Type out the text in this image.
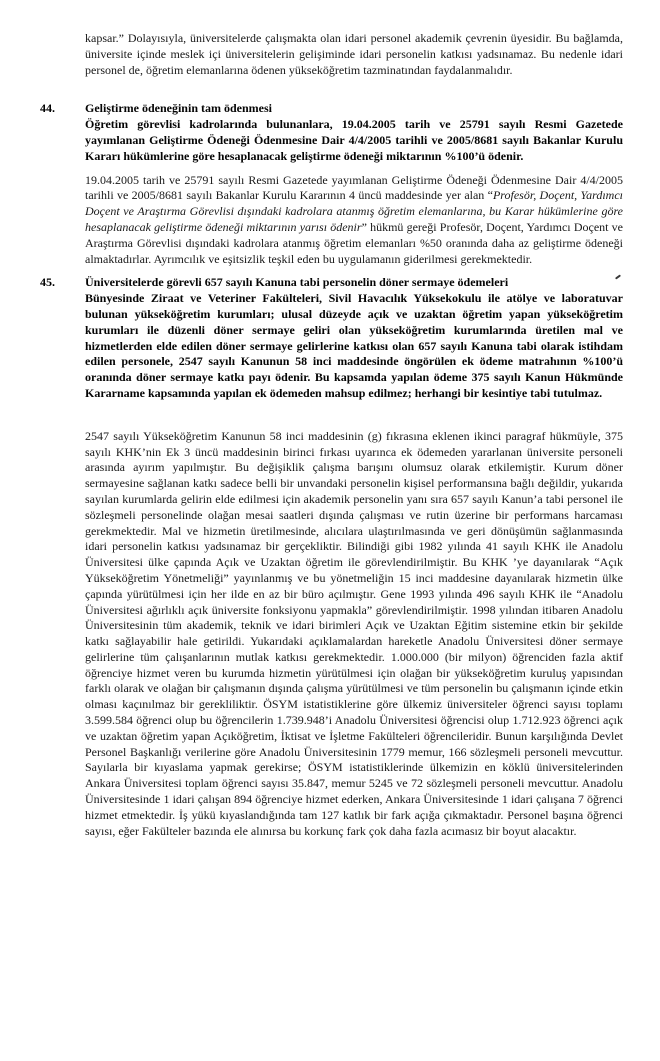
kapsar.” Dolayısıyla, üniversitelerde çalışmakta olan idari personel akademik çevrenin üyesidir. Bu bağlamda, üniversite içinde meslek içi üniversitelerin gelişiminde idari personelin katkısı yadsınamaz. Bu nedenle idari personel de, öğretim elemanlarına ödenen yükseköğretim tazminatından faydalanmalıdır.

44.	Geliştirme ödeneğinin tam ödenmesi
Öğretim görevlisi kadrolarında bulunanlara, 19.04.2005 tarih ve 25791 sayılı Resmi Gazetede yayımlanan Geliştirme Ödeneği Ödenmesine Dair 4/4/2005 tarihli ve 2005/8681 sayılı Bakanlar Kurulu Kararı hükümlerine göre hesaplanacak geliştirme ödeneği miktarının %100’ü ödenir.

19.04.2005 tarih ve 25791 sayılı Resmi Gazetede yayımlanan Geliştirme Ödeneği Ödenmesine Dair 4/4/2005 tarihli ve 2005/8681 sayılı Bakanlar Kurulu Kararının 4 üncü maddesinde yer alan “Profesör, Doçent, Yardımcı Doçent ve Araştırma Görevlisi dışındaki kadrolara atanmış öğretim elemanlarına, bu Karar hükümlerine göre hesaplanacak geliştirme ödeneği miktarının yarısı ödenir” hükmü gereği Profesör, Doçent, Yardımcı Doçent ve Araştırma Görevlisi dışındaki kadrolara atanmış öğretim elemanları %50 oranında daha az geliştirme ödeneği almaktadırlar. Ayrımcılık ve eşitsizlik teşkil eden bu uygulamanın giderilmesi gerekmektedir.

45.	Üniversitelerde görevli 657 sayılı Kanuna tabi personelin döner sermaye ödemeleri
Bünyesinde Ziraat ve Veteriner Fakülteleri, Sivil Havacılık Yüksekokulu ile atölye ve laboratuvar bulunan yükseköğretim kurumları; ulusal düzeyde açık ve uzaktan öğretim yapan yükseköğretim kurumları ile düzenli döner sermaye geliri olan yükseköğretim kurumlarında üretilen mal ve hizmetlerden elde edilen döner sermaye gelirlerine katkısı olan 657 sayılı Kanuna tabi olarak istihdam edilen personele, 2547 sayılı Kanunun 58 inci maddesinde öngörülen ek ödeme matrahının %100’ü oranında döner sermaye katkı payı ödenir. Bu kapsamda yapılan ödeme 375 sayılı Kanun Hükmünde Kararname kapsamında yapılan ek ödemeden mahsup edilmez; herhangi bir kesintiye tabi tutulmaz.

2547 sayılı Yükseköğretim Kanunun 58 inci maddesinin (g) fıkrasına eklenen ikinci paragraf hükmüyle, 375 sayılı KHK’nin Ek 3 üncü maddesinin birinci fırkası uyarınca ek ödemeden yararlanan üniversite personeli arasında ayırım yapılmıştır. Bu değişiklik çalışma barışını olumsuz olarak etkilemiştir. Kurum döner sermayesine sağlanan katkı sadece belli bir unvandaki personelin kişisel performansına bağlı değildir, yukarıda sayılan kurumlarda gelirin elde edilmesi için akademik personelin yanı sıra 657 sayılı Kanun’a tabi personel ile sözleşmeli personelinde olağan mesai saatleri dışında çalışması ve rutin üzerine bir performans harcaması gerekmektedir. Mal ve hizmetin üretilmesinde, alıcılara ulaştırılmasında ve geri dönüşümün sağlanmasında idari personelin katkısı yadsınamaz bir gerçekliktir. Bilindiği gibi 1982 yılında 41 sayılı KHK ile Anadolu Üniversitesi ülke çapında Açık ve Uzaktan öğretim ile görevlendirilmiştir. Bu KHK ’ye dayanılarak “Açık Yükseköğretim Yönetmeliği” yayınlanmış ve bu yönetmeliğin 15 inci maddesine dayanılarak hizmetin ülke çapında yürütülmesi için her ilde en az bir büro açılmıştır. Gene 1993 yılında 496 sayılı KHK ile “Anadolu Üniversitesi ağırlıklı açık üniversite fonksiyonu yapmakla” görevlendirilmiştir. 1998 yılından itibaren Anadolu Üniversitesinin tüm akademik, teknik ve idari birimleri Açık ve Uzaktan Eğitim sistemine etkin bir şekilde katkı sağlayabilir hale getirildi. Yukarıdaki açıklamalardan hareketle Anadolu Üniversitesi döner sermaye gelirlerine tüm çalışanlarının mutlak katkısı gerekmektedir. 1.000.000 (bir milyon) öğrenciden fazla aktif öğrenciye hizmet veren bu kurumda hizmetin yürütülmesi için olağan bir yükseköğretim kuruluş yapısından farklı olarak ve olağan bir çalışmanın dışında çalışma yürütülmesi ve tüm personelin bu çalışmanın içinde etkin olması kaçınılmaz bir gerekliliktir. ÖSYM istatistiklerine göre ülkemiz üniversiteler öğrenci sayısı toplamı 3.599.584 öğrenci olup bu öğrencilerin 1.739.948’i Anadolu Üniversitesi öğrencisi olup 1.712.923 öğrenci açık ve uzaktan öğretim yapan Açıköğretim, İktisat ve İşletme Fakülteleri öğrencileridir. Bunun karşılığında Devlet Personel Başkanlığı verilerine göre Anadolu Üniversitesinin 1779 memur, 166 sözleşmeli personeli mevcuttur. Sayılarla bir kıyaslama yapmak gerekirse; ÖSYM istatistiklerinde ülkemizin en köklü üniversitelerinden Ankara Üniversitesi toplam öğrenci sayısı 35.847, memur 5245 ve 72 sözleşmeli personeli mevcuttur. Anadolu Üniversitesinde 1 idari çalışan 894 öğrenciye hizmet ederken, Ankara Üniversitesinde 1 idari çalışana 7 öğrenci hizmet etmektedir. İş yükü kıyaslandığında tam 127 katlık bir fark açığa çıkmaktadır. Personel başına öğrenci sayısı, eğer Fakülteler bazında ele alınırsa bu korkunç fark çok daha fazla acımasız bir boyut alacaktır.
